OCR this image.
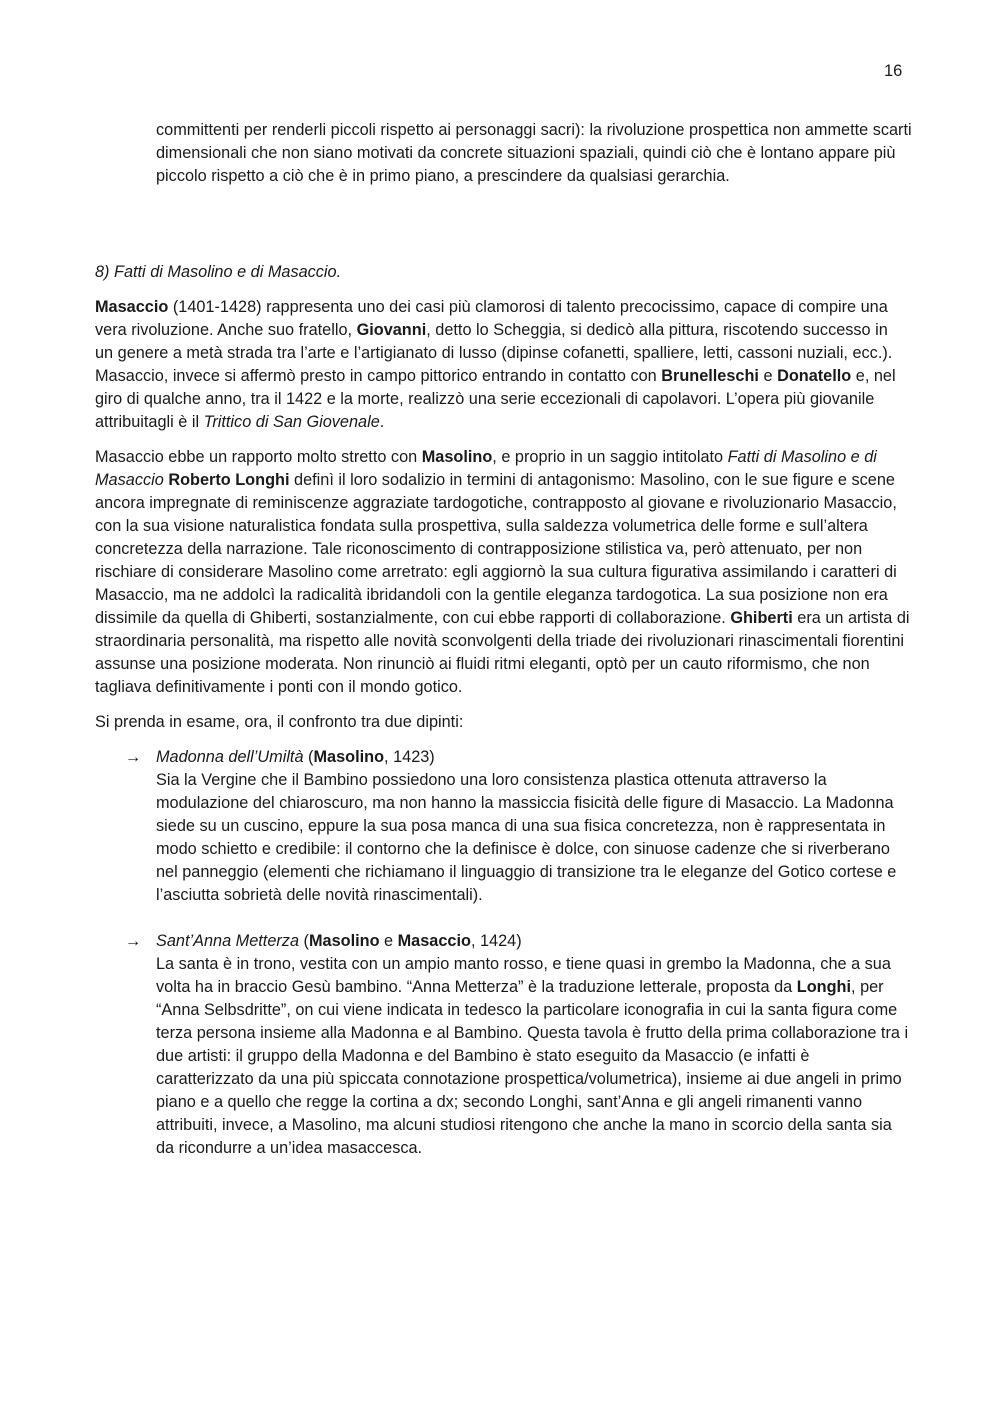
16

committenti per renderli piccoli rispetto ai personaggi sacri): la rivoluzione prospettica non ammette scarti dimensionali che non siano motivati da concrete situazioni spaziali, quindi ciò che è lontano appare più piccolo rispetto a ciò che è in primo piano, a prescindere da qualsiasi gerarchia.

8) Fatti di Masolino e di Masaccio.

Masaccio (1401-1428) rappresenta uno dei casi più clamorosi di talento precocissimo, capace di compire una vera rivoluzione. Anche suo fratello, Giovanni, detto lo Scheggia, si dedicò alla pittura, riscotendo successo in un genere a metà strada tra l’arte e l’artigianato di lusso (dipinse cofanetti, spalliere, letti, cassoni nuziali, ecc.). Masaccio, invece si affermò presto in campo pittorico entrando in contatto con Brunelleschi e Donatello e, nel giro di qualche anno, tra il 1422 e la morte, realizzò una serie eccezionali di capolavori. L’opera più giovanile attribuitagli è il Trittico di San Giovenale.

Masaccio ebbe un rapporto molto stretto con Masolino, e proprio in un saggio intitolato Fatti di Masolino e di Masaccio Roberto Longhi definì il loro sodalizio in termini di antagonismo: Masolino, con le sue figure e scene ancora impregnate di reminiscenze aggraziate tardogotiche, contrapposto al giovane e rivoluzionario Masaccio, con la sua visione naturalistica fondata sulla prospettiva, sulla saldezza volumetrica delle forme e sull’altera concretezza della narrazione. Tale riconoscimento di contrapposizione stilistica va, però attenuato, per non rischiare di considerare Masolino come arretrato: egli aggiornò la sua cultura figurativa assimilando i caratteri di Masaccio, ma ne addolcì la radicalità ibridandoli con la gentile eleganza tardogotica. La sua posizione non era dissimile da quella di Ghiberti, sostanzialmente, con cui ebbe rapporti di collaborazione. Ghiberti era un artista di straordinaria personalità, ma rispetto alle novità sconvolgenti della triade dei rivoluzionari rinascimentali fiorentini assunse una posizione moderata. Non rinunciò ai fluidi ritmi eleganti, optò per un cauto riformismo, che non tagliava definitivamente i ponti con il mondo gotico.

Si prenda in esame, ora, il confronto tra due dipinti:

→ Madonna dell’Umiltà (Masolino, 1423)
Sia la Vergine che il Bambino possiedono una loro consistenza plastica ottenuta attraverso la modulazione del chiaroscuro, ma non hanno la massiccia fisicità delle figure di Masaccio. La Madonna siede su un cuscino, eppure la sua posa manca di una sua fisica concretezza, non è rappresentata in modo schietto e credibile: il contorno che la definisce è dolce, con sinuose cadenze che si riverberano nel panneggio (elementi che richiamano il linguaggio di transizione tra le eleganze del Gotico cortese e l’asciutta sobrietà delle novità rinascimentali).
→ Sant’Anna Metterza (Masolino e Masaccio, 1424)
La santa è in trono, vestita con un ampio manto rosso, e tiene quasi in grembo la Madonna, che a sua volta ha in braccio Gesù bambino. “Anna Metterza” è la traduzione letterale, proposta da Longhi, per “Anna Selbsdritte”, on cui viene indicata in tedesco la particolare iconografia in cui la santa figura come terza persona insieme alla Madonna e al Bambino. Questa tavola è frutto della prima collaborazione tra i due artisti: il gruppo della Madonna e del Bambino è stato eseguito da Masaccio (e infatti è caratterizzato da una più spiccata connotazione prospettica/volumetrica), insieme ai due angeli in primo piano e a quello che regge la cortina a dx; secondo Longhi, sant’Anna e gli angeli rimanenti vanno attribuiti, invece, a Masolino, ma alcuni studiosi ritengono che anche la mano in scorcio della santa sia da ricondurre a un’idea masaccesca.
